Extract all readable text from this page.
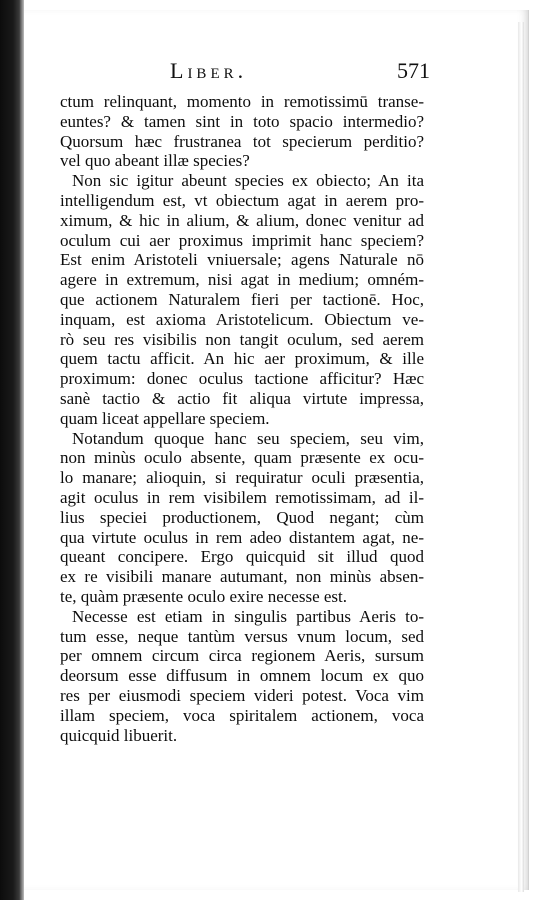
Liber.	571
ctum relinquant, momento in remotissimū transe-
euntes? & tamen sint in toto spacio intermedio?
Quorsum hæc frustranea tot specierum perditio?
vel quo abeant illæ species?
Non sic igitur abeunt species ex obiecto; An ita
intelligendum est, vt obiectum agat in aerem pro-
ximum, & hic in alium, & alium, donec venitur ad
oculum cui aer proximus imprimit hanc speciem?
Est enim Aristoteli vniuersale; agens Naturale nō
agere in extremum, nisi agat in medium; omném-
que actionem Naturalem fieri per tactionē. Hoc,
inquam, est axioma Aristotelicum. Obiectum ve-
rò seu res visibilis non tangit oculum, sed aerem
quem tactu afficit. An hic aer proximum, & ille
proximum: donec oculus tactione afficitur? Hæc
sanè tactio & actio fit aliqua virtute impressa,
quam liceat appellare speciem.
Notandum quoque hanc seu speciem, seu vim,
non minùs oculo absente, quam præsente ex ocu-
lo manare; alioquin, si requiratur oculi præsentia,
agit oculus in rem visibilem remotissimam, ad il-
lius speciei productionem, Quod negant; cùm
qua virtute oculus in rem adeo distantem agat, ne-
queant concipere. Ergo quicquid sit illud quod
ex re visibili manare autumant, non minùs absen-
te, quàm præsente oculo exire necesse est.
Necesse est etiam in singulis partibus Aeris to-
tum esse, neque tantùm versus vnum locum, sed
per omnem circum circa regionem Aeris, sursum
deorsum esse diffusum in omnem locum ex quo
res per eiusmodi speciem videri potest. Voca vim
illam speciem, voca spiritalem actionem, voca
quicquid libuerit.
